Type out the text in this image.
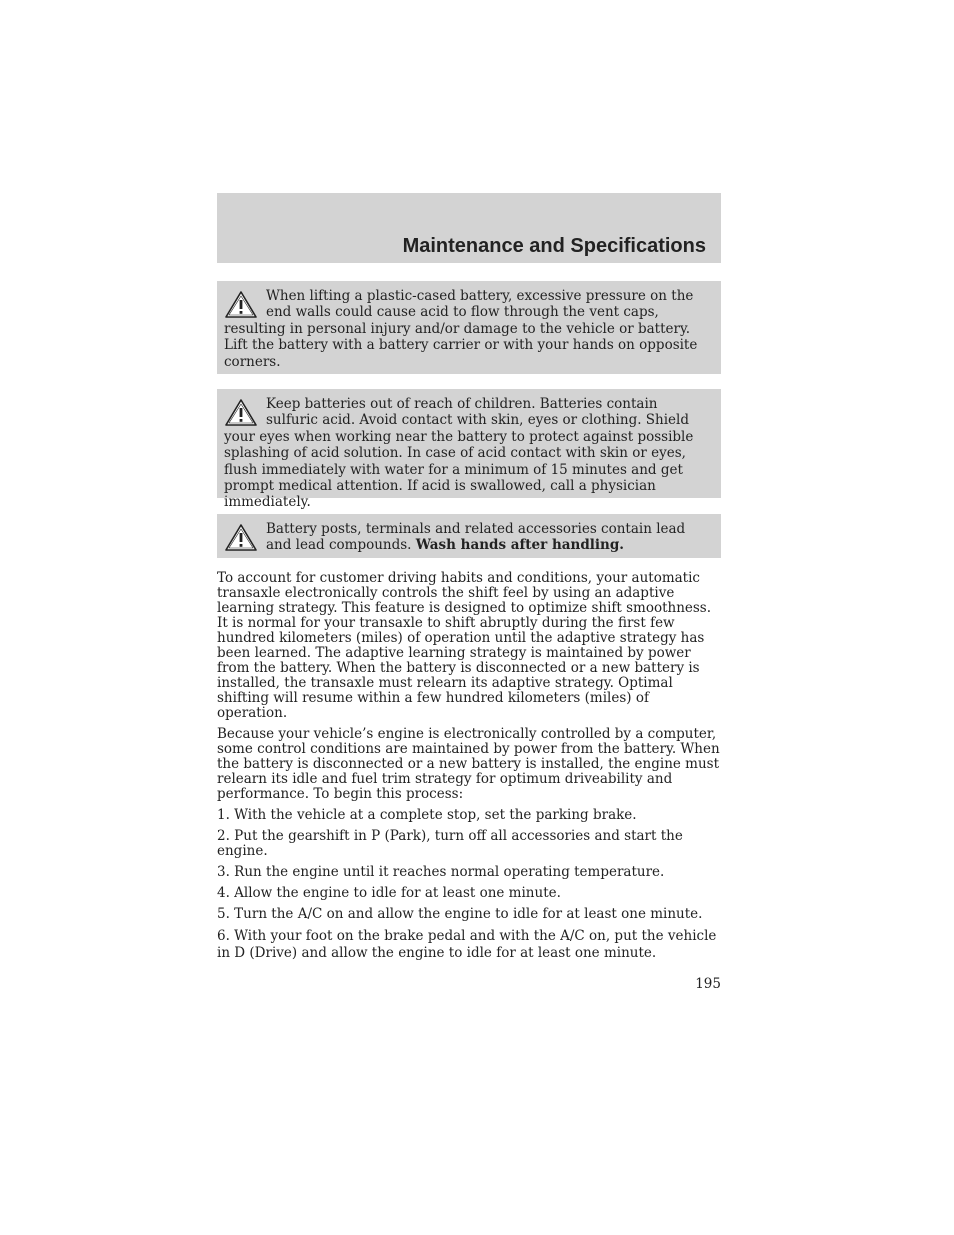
Maintenance and Specifications
When lifting a plastic-cased battery, excessive pressure on the end walls could cause acid to flow through the vent caps, resulting in personal injury and/or damage to the vehicle or battery. Lift the battery with a battery carrier or with your hands on opposite corners.
Keep batteries out of reach of children. Batteries contain sulfuric acid. Avoid contact with skin, eyes or clothing. Shield your eyes when working near the battery to protect against possible splashing of acid solution. In case of acid contact with skin or eyes, flush immediately with water for a minimum of 15 minutes and get prompt medical attention. If acid is swallowed, call a physician immediately.
Battery posts, terminals and related accessories contain lead and lead compounds. Wash hands after handling.

To account for customer driving habits and conditions, your automatic transaxle electronically controls the shift feel by using an adaptive learning strategy. This feature is designed to optimize shift smoothness. It is normal for your transaxle to shift abruptly during the first few hundred kilometers (miles) of operation until the adaptive strategy has been learned. The adaptive learning strategy is maintained by power from the battery. When the battery is disconnected or a new battery is installed, the transaxle must relearn its adaptive strategy. Optimal shifting will resume within a few hundred kilometers (miles) of operation.

Because your vehicle’s engine is electronically controlled by a computer, some control conditions are maintained by power from the battery. When the battery is disconnected or a new battery is installed, the engine must relearn its idle and fuel trim strategy for optimum driveability and performance. To begin this process:

1. With the vehicle at a complete stop, set the parking brake.

2. Put the gearshift in P (Park), turn off all accessories and start the engine.

3. Run the engine until it reaches normal operating temperature.

4. Allow the engine to idle for at least one minute.

5. Turn the A/C on and allow the engine to idle for at least one minute.

6. With your foot on the brake pedal and with the A/C on, put the vehicle in D (Drive) and allow the engine to idle for at least one minute.

195
